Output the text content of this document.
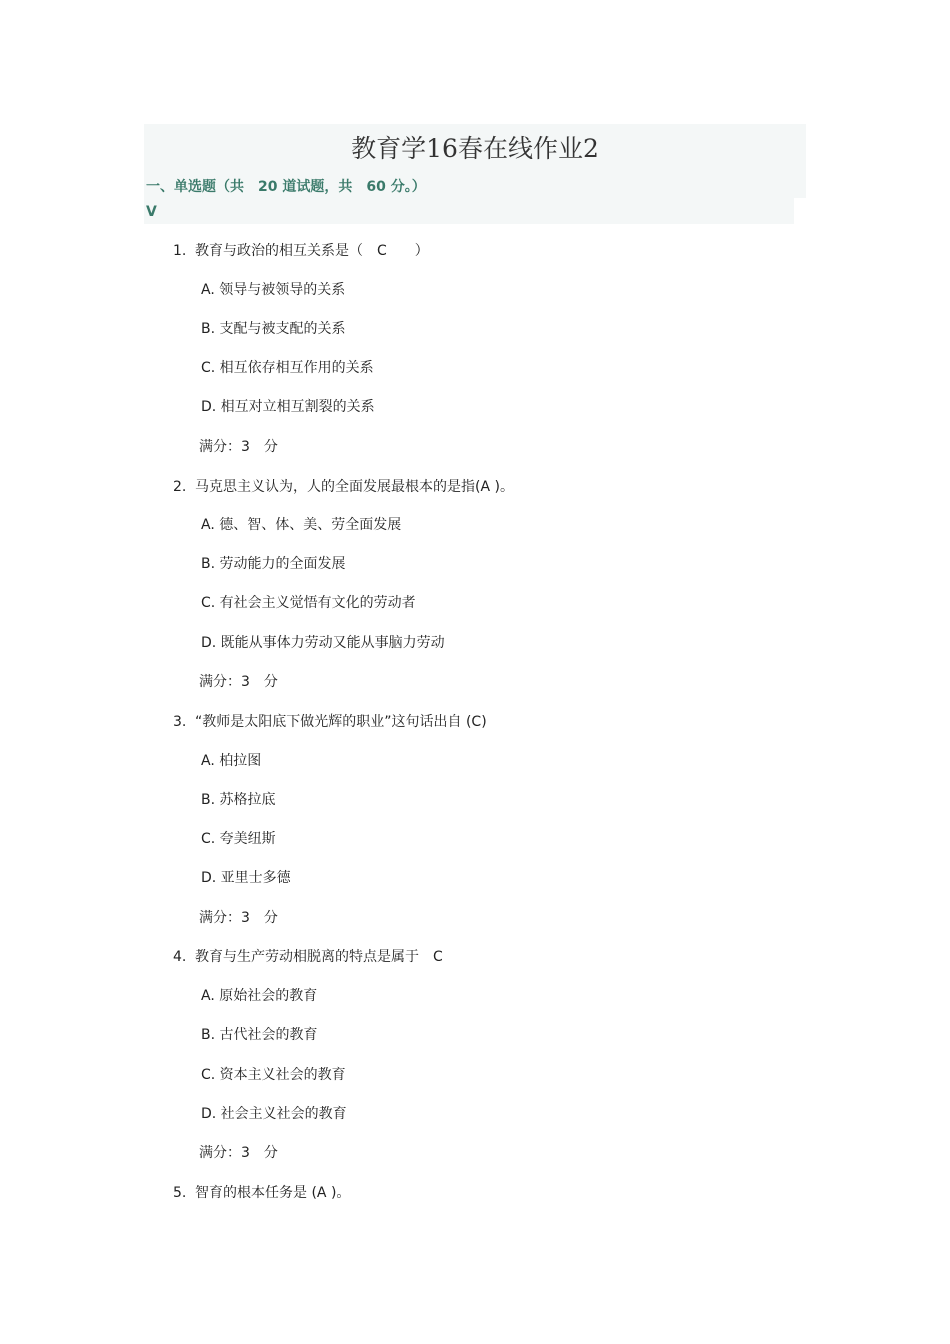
教育学16春在线作业2
一、单选题（共　20 道试题，共　60 分。）
V
1. 教育与政治的相互关系是（　C　　）
A. 领导与被领导的关系
B. 支配与被支配的关系
C. 相互依存相互作用的关系
D. 相互对立相互割裂的关系
满分：3　分
2. 马克思主义认为，人的全面发展最根本的是指(A )。
A. 德、智、体、美、劳全面发展
B. 劳动能力的全面发展
C. 有社会主义觉悟有文化的劳动者
D. 既能从事体力劳动又能从事脑力劳动
满分：3　分
3. “教师是太阳底下做光辉的职业”这句话出自 (C)
A. 柏拉图
B. 苏格拉底
C. 夸美纽斯
D. 亚里士多德
满分：3　分
4. 教育与生产劳动相脱离的特点是属于　C
A. 原始社会的教育
B. 古代社会的教育
C. 资本主义社会的教育
D. 社会主义社会的教育
满分：3　分
5. 智育的根本任务是 (A )。
